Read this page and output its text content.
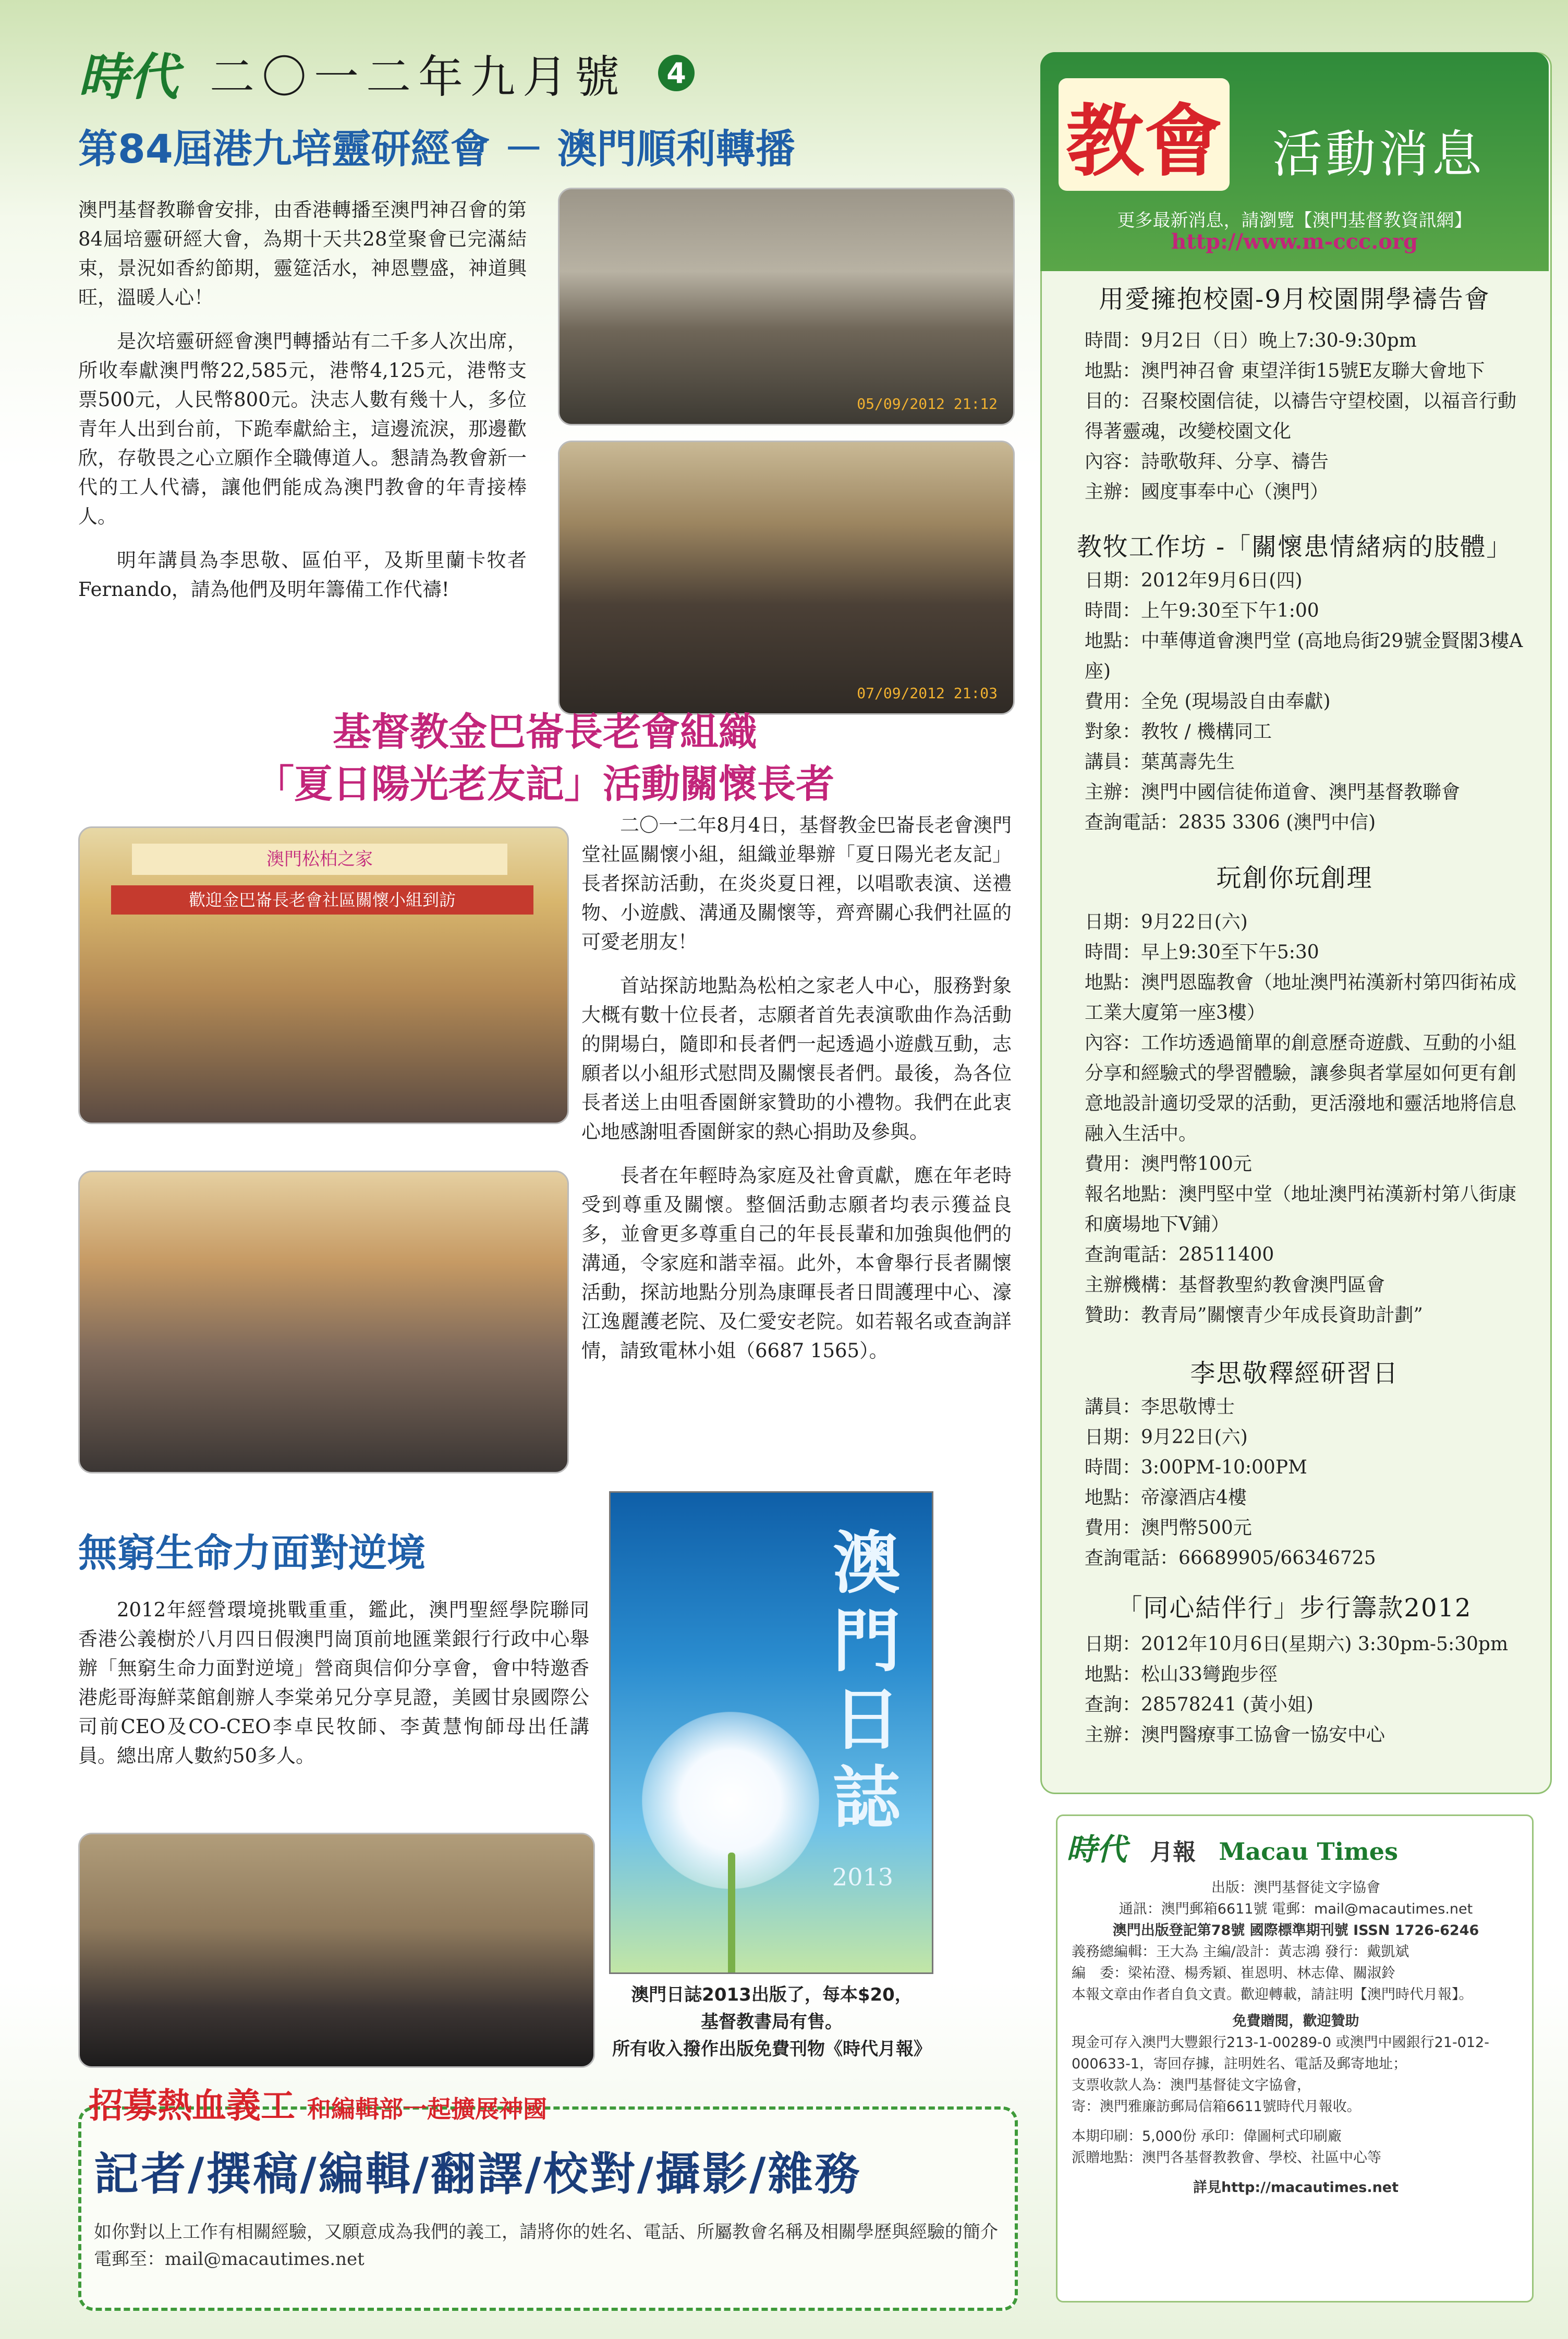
時代 二〇一二年九月號	4
第84屆港九培靈研經會 － 澳門順利轉播

澳門基督教聯會安排，由香港轉播至澳門神召會的第84屆培靈研經大會，為期十天共28堂聚會已完滿結束，景況如香約節期，靈筵活水，神恩豐盛，神道興旺，溫暖人心！

是次培靈研經會澳門轉播站有二千多人次出席，所收奉獻澳門幣22,585元，港幣4,125元，港幣支票500元，人民幣800元。決志人數有幾十人，多位青年人出到台前，下跪奉獻給主，這邊流淚，那邊歡欣，存敬畏之心立願作全職傳道人。懇請為教會新一代的工人代禱，讓他們能成為澳門教會的年青接棒人。

明年講員為李思敬、區伯平，及斯里蘭卡牧者Fernando，請為他們及明年籌備工作代禱!

05/09/2012 21:12
07/09/2012 21:03
基督教金巴崙長老會組織
「夏日陽光老友記」活動關懷長者
澳門松柏之家
歡迎金巴崙長老會社區關懷小組到訪

二〇一二年8月4日，基督教金巴崙長老會澳門堂社區關懷小組，組織並舉辦「夏日陽光老友記」長者探訪活動，在炎炎夏日裡，以唱歌表演、送禮物、小遊戲、溝通及關懷等，齊齊關心我們社區的可愛老朋友！

首站探訪地點為松柏之家老人中心，服務對象大概有數十位長者，志願者首先表演歌曲作為活動的開場白，隨即和長者們一起透過小遊戲互動，志願者以小組形式慰問及關懷長者們。最後，為各位長者送上由咀香園餅家贊助的小禮物。我們在此衷心地感謝咀香園餅家的熱心捐助及參與。

長者在年輕時為家庭及社會貢獻，應在年老時受到尊重及關懷。整個活動志願者均表示獲益良多，並會更多尊重自己的年長長輩和加強與他們的溝通，令家庭和諧幸福。此外，本會舉行長者關懷活動，探訪地點分別為康暉長者日間護理中心、濠江逸麗護老院、及仁愛安老院。如若報名或查詢詳情，請致電林小姐（6687 1565）。

無窮生命力面對逆境

2012年經營環境挑戰重重，鑑此，澳門聖經學院聯同香港公義樹於八月四日假澳門崗頂前地匯業銀行行政中心舉辦「無窮生命力面對逆境」營商與信仰分享會，會中特邀香港彪哥海鮮菜館創辦人李棠弟兄分享見證，美國甘泉國際公司前CEO及CO-CEO李卓民牧師、李黃慧恂師母出任講員。總出席人數約50多人。

澳門日誌
2013
澳門日誌2013出版了，每本$20，
基督教書局有售。
所有收入撥作出版免費刊物《時代月報》
招募熱血義工 和編輯部一起擴展神國
記者/撰稿/編輯/翻譯/校對/攝影/雜務
如你對以上工作有相關經驗，又願意成為我們的義工，請將你的姓名、電話、所屬教會名稱及相關學歷與經驗的簡介電郵至：mail@macautimes.net
教會 活動消息
更多最新消息，請瀏覽【澳門基督教資訊網】
http://www.m-ccc.org
用愛擁抱校園-9月校園開學禱告會
時間：9月2日（日）晚上7:30-9:30pm
地點：澳門神召會 東望洋街15號E友聯大會地下
目的：召聚校園信徒，以禱告守望校園，以福音行動得著靈魂，改變校園文化
內容：詩歌敬拜、分享、禱告
主辦：國度事奉中心（澳門）
教牧工作坊 -「關懷患情緒病的肢體」
日期：2012年9月6日(四)
時間：上午9:30至下午1:00
地點：中華傳道會澳門堂 (高地烏街29號金賢閣3樓A座)
費用：全免 (現場設自由奉獻)
對象：教牧 / 機構同工
講員：葉萬壽先生
主辦：澳門中國信徒佈道會、澳門基督教聯會
查詢電話：2835 3306 (澳門中信)
玩創你玩創理
日期：9月22日(六)
時間：早上9:30至下午5:30
地點：澳門恩臨教會（地址澳門祐漢新村第四街祐成工業大廈第一座3樓）
內容：工作坊透過簡單的創意歷奇遊戲、互動的小組分享和經驗式的學習體驗，讓參與者掌屋如何更有創意地設計適切受眾的活動，更活潑地和靈活地將信息融入生活中。
費用：澳門幣100元
報名地點：澳門堅中堂（地址澳門祐漢新村第八街康和廣場地下V鋪）
查詢電話：28511400
主辦機構：基督教聖約教會澳門區會
贊助：教青局”關懷青少年成長資助計劃”
李思敬釋經研習日
講員：李思敬博士
日期：9月22日(六)
時間：3:00PM-10:00PM
地點：帝濠酒店4樓
費用：澳門幣500元
查詢電話：66689905/66346725
「同心結伴行」步行籌款2012
日期：2012年10月6日(星期六) 3:30pm-5:30pm
地點：松山33彎跑步徑
查詢：28578241 (黃小姐)
主辦：澳門醫療事工協會一協安中心
時代 月報 Macau Times
出版：澳門基督徒文字協會
通訊：澳門郵箱6611號 電郵：mail@macautimes.net
澳門出版登記第78號 國際標準期刊號 ISSN 1726-6246
義務總編輯：王大為 主編/設計：黃志鴻 發行：戴凱斌
編　委：梁祐澄、楊秀穎、崔恩明、林志偉、關淑鈴
本報文章由作者自負文責。歡迎轉載，請註明【澳門時代月報】。
免費贈閱，歡迎贊助
現金可存入澳門大豐銀行213-1-00289-0 或澳門中國銀行21-012-000633-1，寄回存據，註明姓名、電話及郵寄地址；
支票收款人為：澳門基督徒文字協會，
寄：澳門雅廉訪郵局信箱6611號時代月報收。
本期印刷：5,000份 承印：偉圖柯式印刷廠
派贈地點：澳門各基督教教會、學校、社區中心等
詳見http://macautimes.net
